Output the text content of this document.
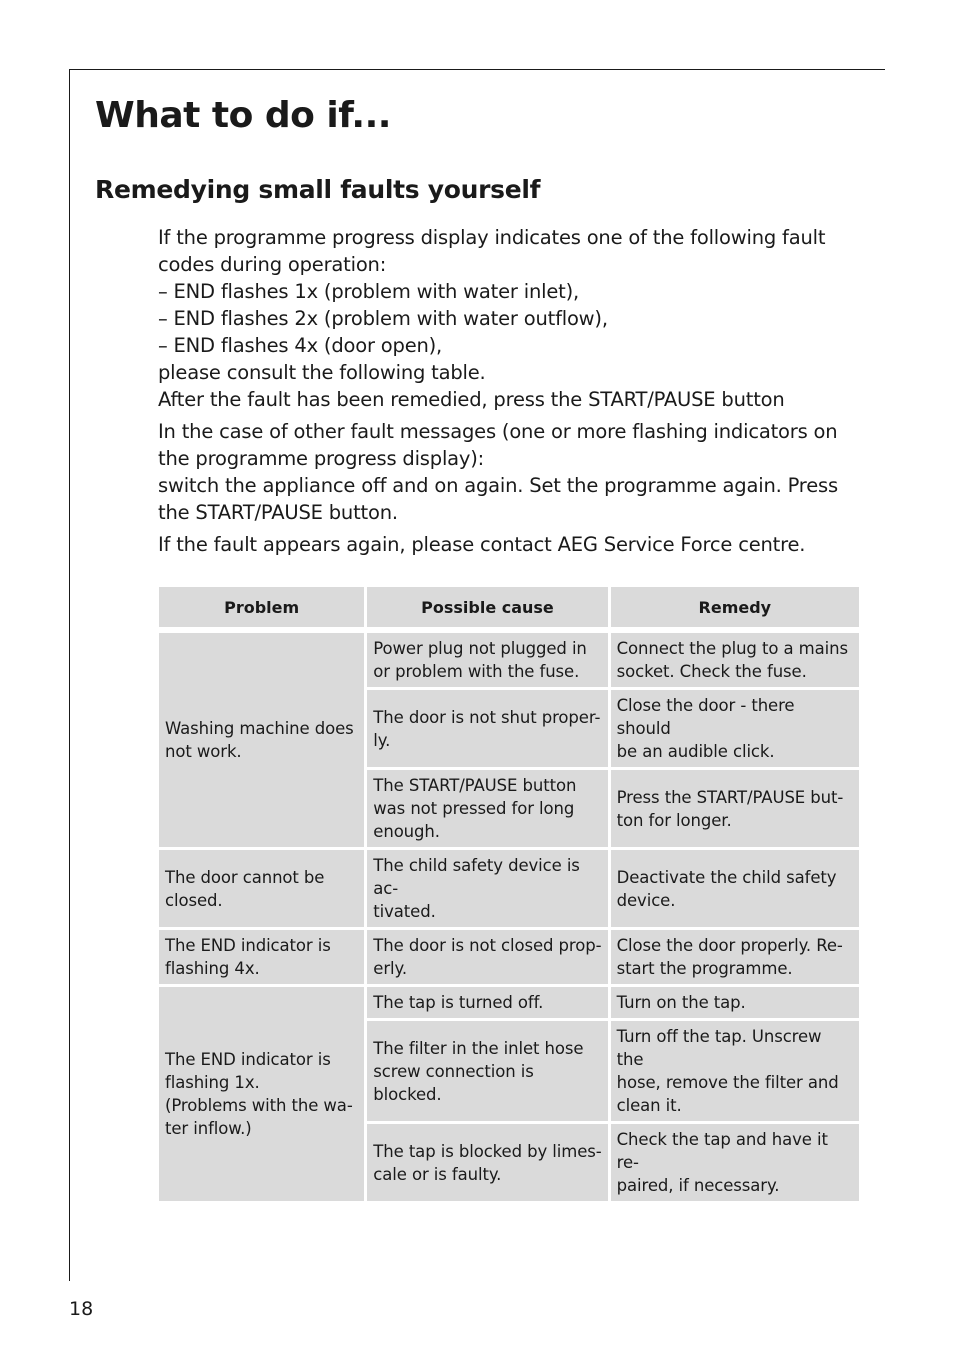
What to do if...
Remedying small faults yourself

If the programme progress display indicates one of the following fault
codes during operation:
– END flashes 1x (problem with water inlet),
– END flashes 2x (problem with water outflow),
– END flashes 4x (door open),
please consult the following table.
After the fault has been remedied, press the START/PAUSE button

In the case of other fault messages (one or more flashing indicators on
the programme progress display):
switch the appliance off and on again. Set the programme again. Press
the START/PAUSE button.

If the fault appears again, please contact AEG Service Force centre.

Problem	Possible cause	Remedy

Washing machine does
not work.	Power plug not plugged in
or problem with the fuse.	Connect the plug to a mains
socket. Check the fuse.

	The door is not shut proper-
ly.	Close the door - there should
be an audible click.

	The START/PAUSE button
was not pressed for long
enough.	Press the START/PAUSE but-
ton for longer.

The door cannot be
closed.	The child safety device is ac-
tivated.	Deactivate the child safety
device.

The END indicator is
flashing 4x.	The door is not closed prop-
erly.	Close the door properly. Re-
start the programme.

The END indicator is
flashing 1x.
(Problems with the wa-
ter inflow.)	The tap is turned off.	Turn on the tap.

	The filter in the inlet hose
screw connection is blocked.	Turn off the tap. Unscrew the
hose, remove the filter and
clean it.

	The tap is blocked by limes-
cale or is faulty.	Check the tap and have it re-
paired, if necessary.
18
